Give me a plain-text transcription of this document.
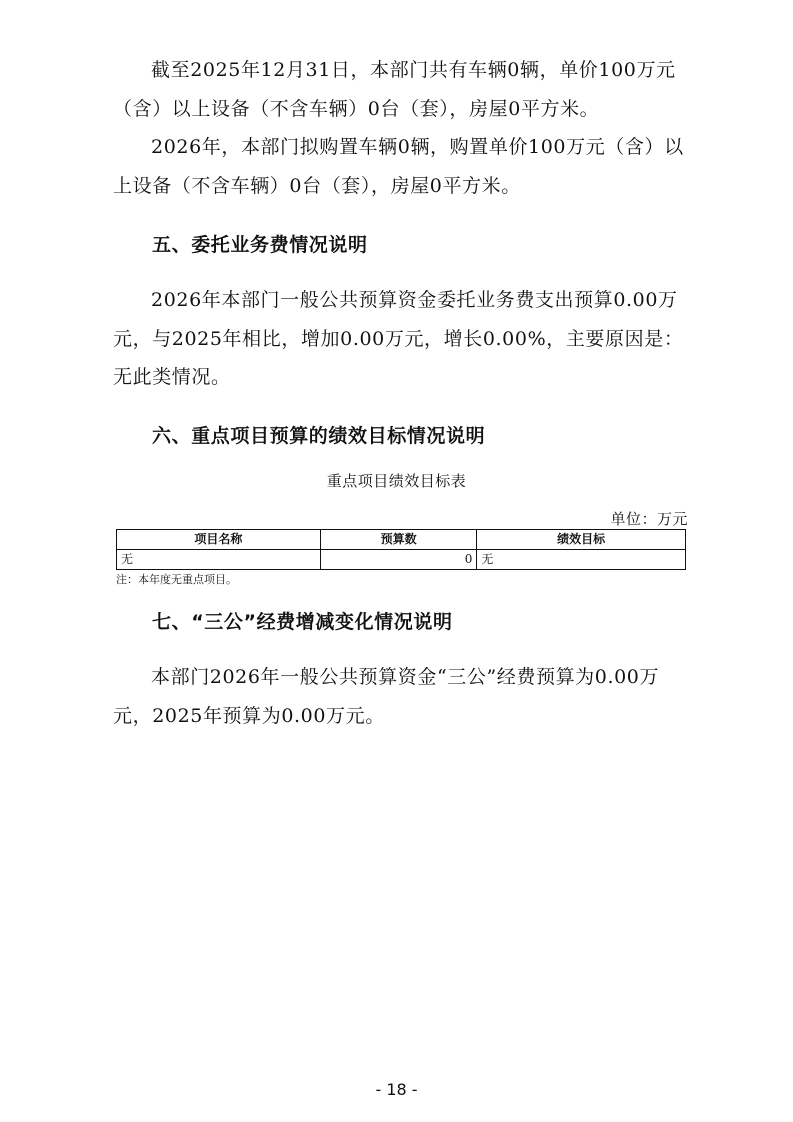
截至2025年12月31日，本部门共有车辆0辆，单价100万元（含）以上设备（不含车辆）0台（套），房屋0平方米。

2026年，本部门拟购置车辆0辆，购置单价100万元（含）以上设备（不含车辆）0台（套），房屋0平方米。

五、委托业务费情况说明

2026年本部门一般公共预算资金委托业务费支出预算0.00万元，与2025年相比，增加0.00万元，增长0.00%，主要原因是：无此类情况。

六、重点项目预算的绩效目标情况说明
重点项目绩效目标表
单位：万元
项目名称	预算数	绩效目标
无	0	无
注：本年度无重点项目。
七、“三公”经费增减变化情况说明

本部门2026年一般公共预算资金“三公”经费预算为0.00万元，2025年预算为0.00万元。

- 18 -
